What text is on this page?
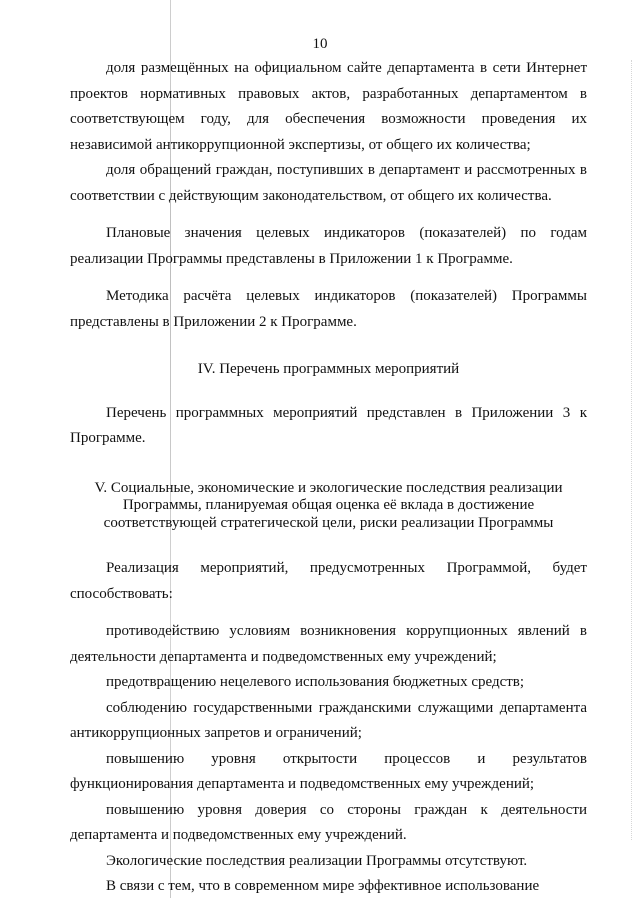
10

доля размещённых на официальном сайте департамента в сети Интернет проектов нормативных правовых актов, разработанных департаментом в соответствующем году, для обеспечения возможности проведения их независимой антикоррупционной экспертизы, от общего их количества;

доля обращений граждан, поступивших в департамент и рассмотренных в соответствии с действующим законодательством, от общего их количества.

Плановые значения целевых индикаторов (показателей) по годам реализации Программы представлены в Приложении 1 к Программе.

Методика расчёта целевых индикаторов (показателей) Программы представлены в Приложении 2 к Программе.

IV. Перечень программных мероприятий

Перечень программных мероприятий представлен в Приложении 3 к Программе.

V. Социальные, экономические и экологические последствия реализации

Программы, планируемая общая оценка её вклада в достижение

соответствующей стратегической цели, риски реализации Программы

Реализация мероприятий, предусмотренных Программой, будет способствовать:

противодействию условиям возникновения коррупционных явлений в деятельности департамента и подведомственных ему учреждений;

предотвращению нецелевого использования бюджетных средств;

соблюдению государственными гражданскими служащими департамента антикоррупционных запретов и ограничений;

повышению уровня открытости процессов и результатов функционирования департамента и подведомственных ему учреждений;

повышению уровня доверия со стороны граждан к деятельности департамента и подведомственных ему учреждений.

Экологические последствия реализации Программы отсутствуют.

В связи с тем, что в современном мире эффективное использование
